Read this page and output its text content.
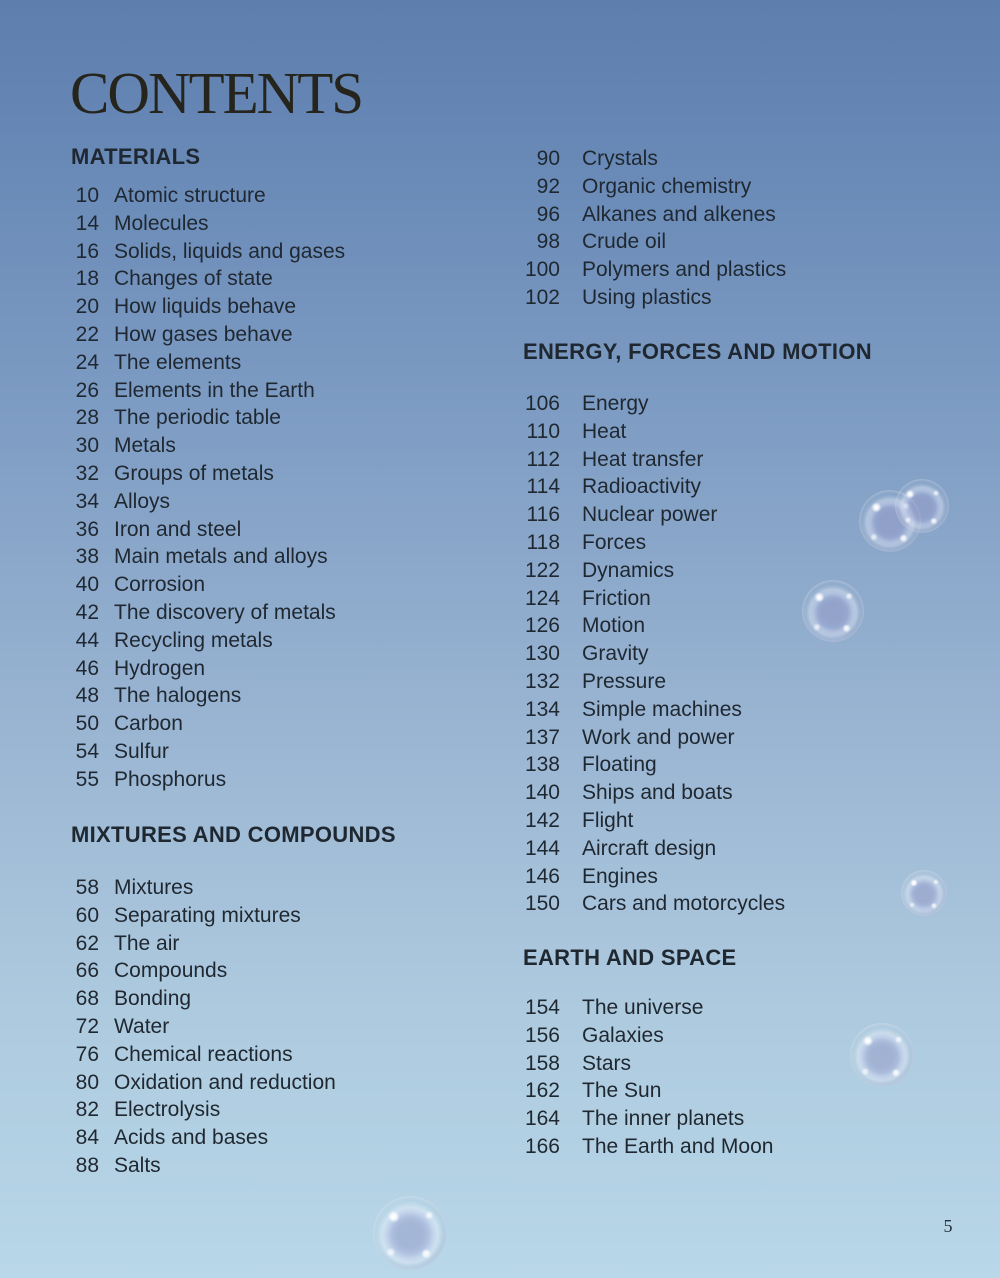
CONTENTS
MATERIALS
10 Atomic structure
14 Molecules
16 Solids, liquids and gases
18 Changes of state
20 How liquids behave
22 How gases behave
24 The elements
26 Elements in the Earth
28 The periodic table
30 Metals
32 Groups of metals
34 Alloys
36 Iron and steel
38 Main metals and alloys
40 Corrosion
42 The discovery of metals
44 Recycling metals
46 Hydrogen
48 The halogens
50 Carbon
54 Sulfur
55 Phosphorus
MIXTURES AND COMPOUNDS
58 Mixtures
60 Separating mixtures
62 The air
66 Compounds
68 Bonding
72 Water
76 Chemical reactions
80 Oxidation and reduction
82 Electrolysis
84 Acids and bases
88 Salts
90 Crystals
92 Organic chemistry
96 Alkanes and alkenes
98 Crude oil
100 Polymers and plastics
102 Using plastics
ENERGY, FORCES AND MOTION
106 Energy
110 Heat
112 Heat transfer
114 Radioactivity
116 Nuclear power
118 Forces
122 Dynamics
124 Friction
126 Motion
130 Gravity
132 Pressure
134 Simple machines
137 Work and power
138 Floating
140 Ships and boats
142 Flight
144 Aircraft design
146 Engines
150 Cars and motorcycles
EARTH AND SPACE
154 The universe
156 Galaxies
158 Stars
162 The Sun
164 The inner planets
166 The Earth and Moon
5
